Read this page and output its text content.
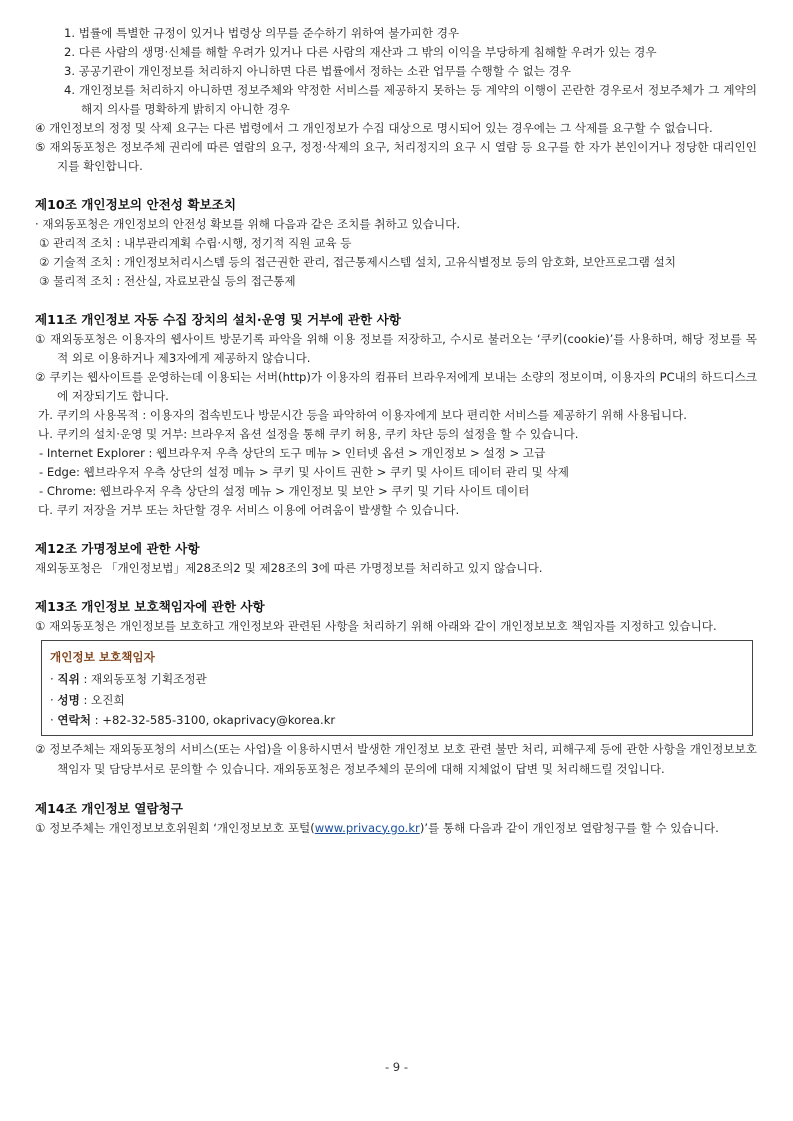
1. 법률에 특별한 규정이 있거나 법령상 의무를 준수하기 위하여 불가피한 경우
2. 다른 사람의 생명·신체를 해할 우려가 있거나 다른 사람의 재산과 그 밖의 이익을 부당하게 침해할 우려가 있는 경우
3. 공공기관이 개인정보를 처리하지 아니하면 다른 법률에서 정하는 소관 업무를 수행할 수 없는 경우
4. 개인정보를 처리하지 아니하면 정보주체와 약정한 서비스를 제공하지 못하는 등 계약의 이행이 곤란한 경우로서 정보주체가 그 계약의 해지 의사를 명확하게 밝히지 아니한 경우
④ 개인정보의 정정 및 삭제 요구는 다른 법령에서 그 개인정보가 수집 대상으로 명시되어 있는 경우에는 그 삭제를 요구할 수 없습니다.
⑤ 재외동포청은 정보주체 권리에 따른 열람의 요구, 정정·삭제의 요구, 처리정지의 요구 시 열람 등 요구를 한 자가 본인이거나 정당한 대리인인지를 확인합니다.
제10조 개인정보의 안전성 확보조치
· 재외동포청은 개인정보의 안전성 확보를 위해 다음과 같은 조치를 취하고 있습니다.
① 관리적 조치 : 내부관리계획 수립·시행, 정기적 직원 교육 등
② 기술적 조치 : 개인정보처리시스템 등의 접근권한 관리, 접근통제시스템 설치, 고유식별정보 등의 암호화, 보안프로그램 설치
③ 물리적 조치 : 전산실, 자료보관실 등의 접근통제
제11조 개인정보 자동 수집 장치의 설치·운영 및 거부에 관한 사항
① 재외동포청은 이용자의 웹사이트 방문기록 파악을 위해 이용 정보를 저장하고, 수시로 불러오는 ‘쿠키(cookie)’를 사용하며, 해당 정보를 목적 외로 이용하거나 제3자에게 제공하지 않습니다.
② 쿠키는 웹사이트를 운영하는데 이용되는 서버(http)가 이용자의 컴퓨터 브라우저에게 보내는 소량의 정보이며, 이용자의 PC내의 하드디스크에 저장되기도 합니다.
가. 쿠키의 사용목적 : 이용자의 접속빈도나 방문시간 등을 파악하여 이용자에게 보다 편리한 서비스를 제공하기 위해 사용됩니다.
나. 쿠키의 설치·운영 및 거부: 브라우저 옵션 설정을 통해 쿠키 허용, 쿠키 차단 등의 설정을 할 수 있습니다.
- Internet Explorer : 웹브라우저 우측 상단의 도구 메뉴 > 인터넷 옵션 > 개인정보 > 설정 > 고급
- Edge: 웹브라우저 우측 상단의 설정 메뉴 > 쿠키 및 사이트 권한 > 쿠키 및 사이트 데이터 관리 및 삭제
- Chrome: 웹브라우저 우측 상단의 설정 메뉴 > 개인정보 및 보안 > 쿠키 및 기타 사이트 데이터
다. 쿠키 저장을 거부 또는 차단할 경우 서비스 이용에 어려움이 발생할 수 있습니다.
제12조 가명정보에 관한 사항
재외동포청은 「개인정보법」제28조의2 및 제28조의 3에 따른 가명정보를 처리하고 있지 않습니다.
제13조 개인정보 보호책임자에 관한 사항
① 재외동포청은 개인정보를 보호하고 개인정보와 관련된 사항을 처리하기 위해 아래와 같이 개인정보보호 책임자를 지정하고 있습니다.
개인정보 보호책임자
· 직위 : 재외동포청 기획조정관
· 성명 : 오진희
· 연락처 : +82-32-585-3100, okaprivacy@korea.kr
② 정보주체는 재외동포청의 서비스(또는 사업)을 이용하시면서 발생한 개인정보 보호 관련 불만 처리, 피해구제 등에 관한 사항을 개인정보보호책임자 및 담당부서로 문의할 수 있습니다. 재외동포청은 정보주체의 문의에 대해 지체없이 답변 및 처리해드릴 것입니다.
제14조 개인정보 열람청구
① 정보주체는 개인정보보호위원회 ‘개인정보보호 포털(www.privacy.go.kr)’를 통해 다음과 같이 개인정보 열람청구를 할 수 있습니다.
- 9 -
